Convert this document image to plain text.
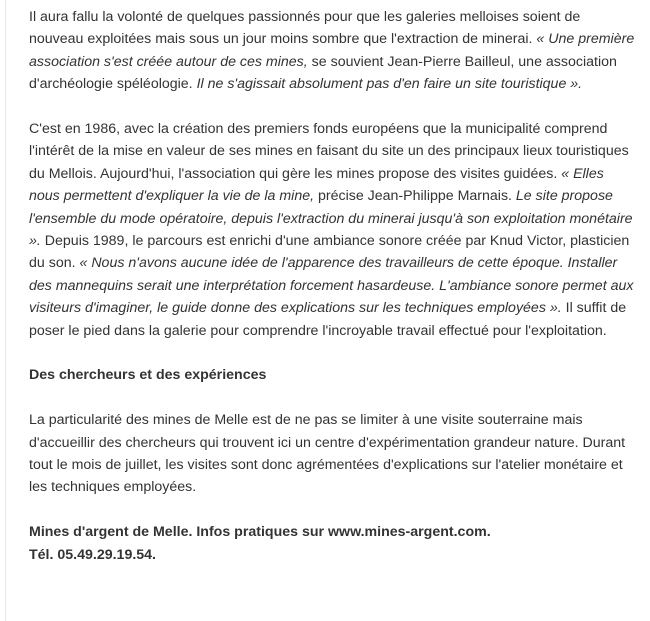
Il aura fallu la volonté de quelques passionnés pour que les galeries melloises soient de nouveau exploitées mais sous un jour moins sombre que l'extraction de minerai. « Une première association s'est créée autour de ces mines, se souvient Jean-Pierre Bailleul, une association d'archéologie spéléologie. Il ne s'agissait absolument pas d'en faire un site touristique ».

C'est en 1986, avec la création des premiers fonds européens que la municipalité comprend l'intérêt de la mise en valeur de ses mines en faisant du site un des principaux lieux touristiques du Mellois. Aujourd'hui, l'association qui gère les mines propose des visites guidées. « Elles nous permettent d'expliquer la vie de la mine, précise Jean-Philippe Marnais. Le site propose l'ensemble du mode opératoire, depuis l'extraction du minerai jusqu'à son exploitation monétaire ». Depuis 1989, le parcours est enrichi d'une ambiance sonore créée par Knud Victor, plasticien du son. « Nous n'avons aucune idée de l'apparence des travailleurs de cette époque. Installer des mannequins serait une interprétation forcement hasardeuse. L'ambiance sonore permet aux visiteurs d'imaginer, le guide donne des explications sur les techniques employées ». Il suffit de poser le pied dans la galerie pour comprendre l'incroyable travail effectué pour l'exploitation.

Des chercheurs et des expériences

La particularité des mines de Melle est de ne pas se limiter à une visite souterraine mais d'accueillir des chercheurs qui trouvent ici un centre d'expérimentation grandeur nature. Durant tout le mois de juillet, les visites sont donc agrémentées d'explications sur l'atelier monétaire et les techniques employées.

Mines d'argent de Melle. Infos pratiques sur www.mines-argent.com.
Tél. 05.49.29.19.54.
